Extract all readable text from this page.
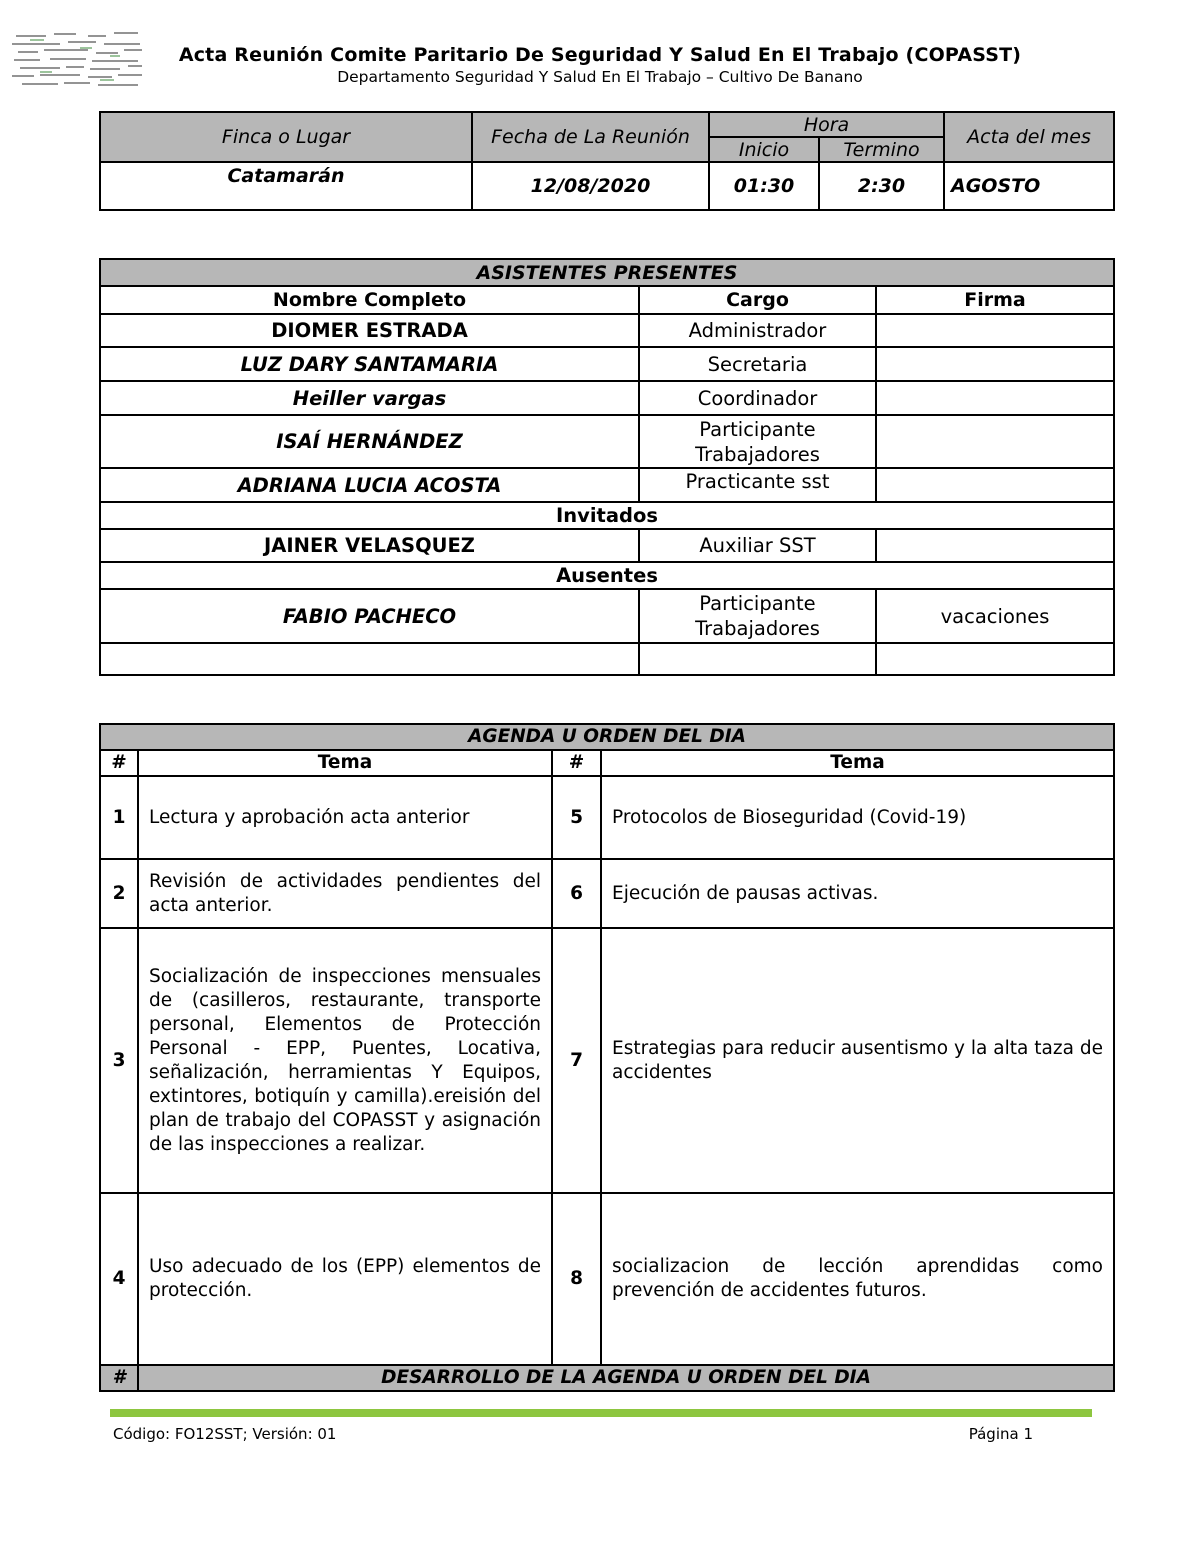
Acta Reunión Comite Paritario De Seguridad Y Salud En El Trabajo (COPASST)
Departamento Seguridad Y Salud En El Trabajo – Cultivo De Banano
Finca o Lugar	Fecha de La Reunión	Hora		Acta del mes
		Inicio	Termino	
Catamarán	12/08/2020	01:30	2:30	AGOSTO
ASISTENTES PRESENTES		
Nombre Completo	Cargo	Firma
DIOMER ESTRADA	Administrador	
LUZ DARY SANTAMARIA	Secretaria	
Heiller vargas	Coordinador	
ISAÍ HERNÁNDEZ	Participante Trabajadores	
ADRIANA LUCIA ACOSTA	Practicante sst	
Invitados		
JAINER VELASQUEZ	Auxiliar SST	
Ausentes		
FABIO PACHECO	Participante Trabajadores	vacaciones

AGENDA U ORDEN DEL DIA			
#	Tema	#	Tema
1	Lectura y aprobación acta anterior	5	Protocolos de Bioseguridad (Covid-19)
2	Revisión de actividades pendientes del acta anterior.	6	Ejecución de pausas activas.
3	Socialización de inspecciones mensuales de (casilleros, restaurante, transporte personal, Elementos de Protección Personal - EPP, Puentes, Locativa, señalización, herramientas Y Equipos, extintores, botiquín y camilla).ereisión del plan de trabajo del COPASST y asignación de las inspecciones a realizar.	7	Estrategias para reducir ausentismo y la alta taza de accidentes
4	Uso adecuado de los (EPP) elementos de protección.	8	socializacion de lección aprendidas como prevención de accidentes futuros.
#	DESARROLLO DE LA AGENDA U ORDEN DEL DIA		
Código: FO12SST; Versión: 01	Página 1
